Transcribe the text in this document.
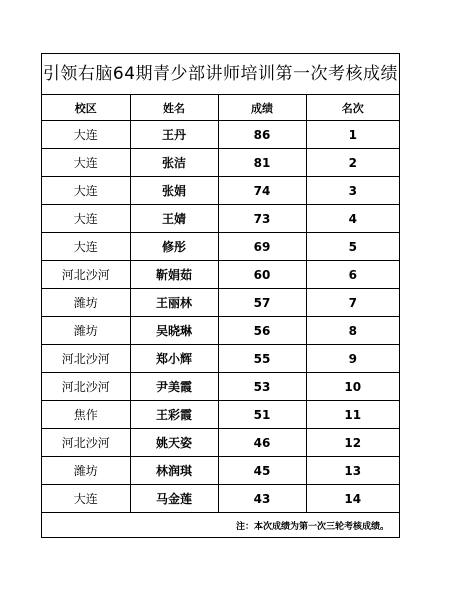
引领右脑64期青少部讲师培训第一次考核成绩
校区	姓名	成绩	名次
大连	王丹	86	1
大连	张洁	81	2
大连	张娟	74	3
大连	王婧	73	4
大连	修彤	69	5
河北沙河	靳娟茹	60	6
潍坊	王丽林	57	7
潍坊	吴晓琳	56	8
河北沙河	郑小辉	55	9
河北沙河	尹美霞	53	10
焦作	王彩霞	51	11
河北沙河	姚天姿	46	12
潍坊	林润琪	45	13
大连	马金莲	43	14
注：本次成绩为第一次三轮考核成绩。
